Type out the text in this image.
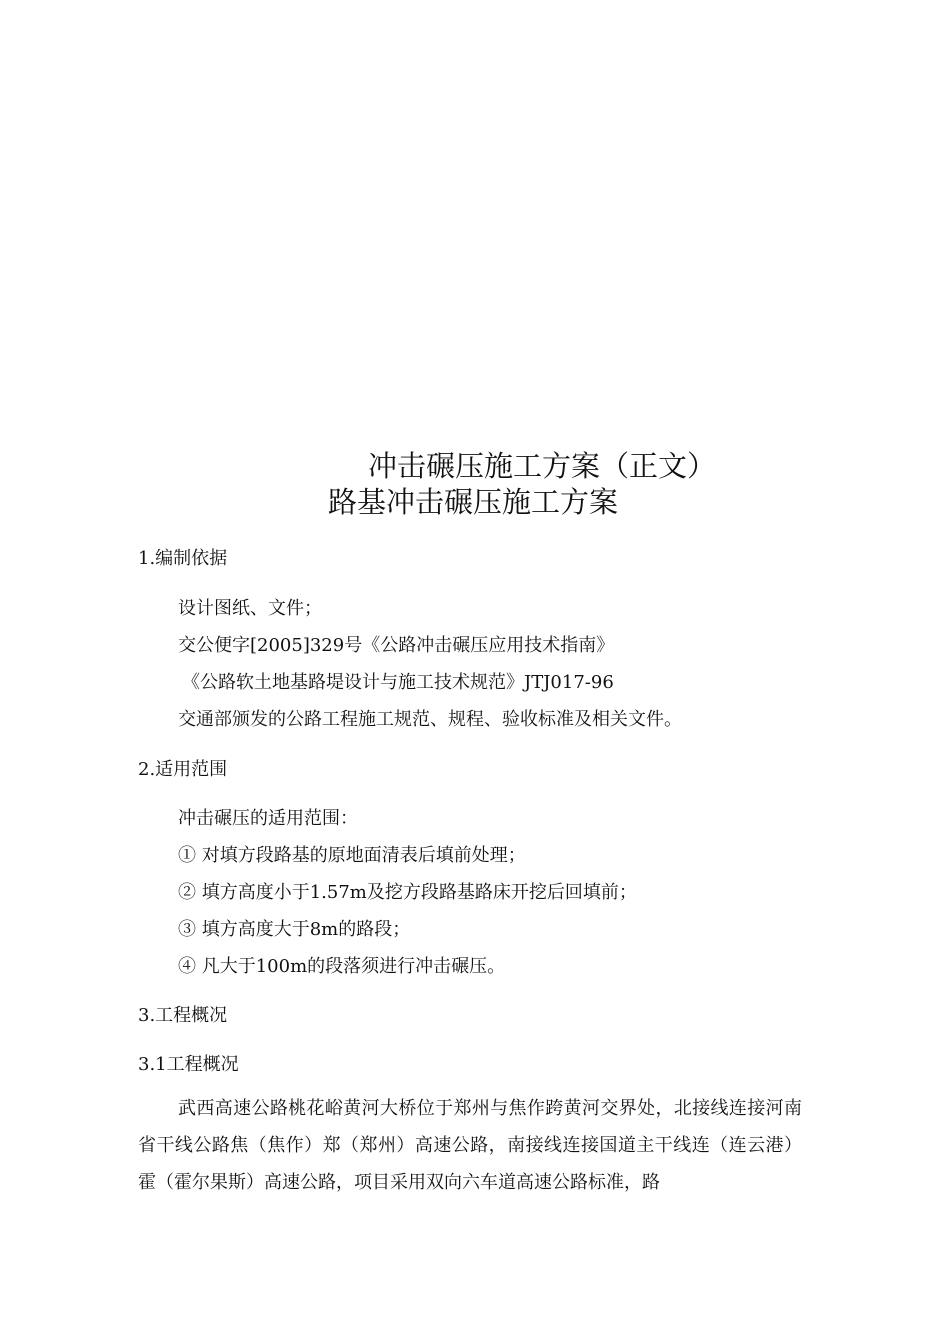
冲击碾压施工方案（正文）
路基冲击碾压施工方案

1.编制依据

设计图纸、文件；

交公便字[2005]329号《公路冲击碾压应用技术指南》

《公路软土地基路堤设计与施工技术规范》JTJ017-96

交通部颁发的公路工程施工规范、规程、验收标准及相关文件。

2.适用范围

冲击碾压的适用范围：

① 对填方段路基的原地面清表后填前处理；

② 填方高度小于1.57m及挖方段路基路床开挖后回填前；

③ 填方高度大于8m的路段；

④ 凡大于100m的段落须进行冲击碾压。

3.工程概况

3.1工程概况

武西高速公路桃花峪黄河大桥位于郑州与焦作跨黄河交界处，北接线连接河南省干线公路焦（焦作）郑（郑州）高速公路，南接线连接国道主干线连（连云港）霍（霍尔果斯）高速公路，项目采用双向六车道高速公路标准，路
